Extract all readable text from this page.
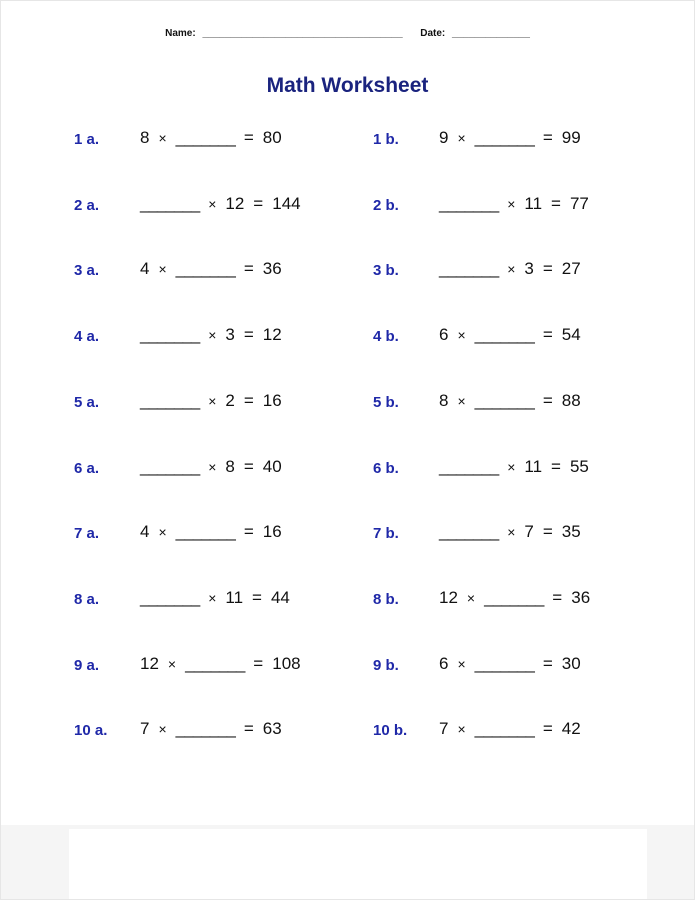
Name: ____________________________________ Date: ______________
Math Worksheet
1 a. 8 × _______ = 80	1 b. 9 × _______ = 99
2 a. _______ × 12 = 144	2 b. _______ × 11 = 77
3 a. 4 × _______ = 36	3 b. _______ × 3 = 27
4 a. _______ × 3 = 12	4 b. 6 × _______ = 54
5 a. _______ × 2 = 16	5 b. 8 × _______ = 88
6 a. _______ × 8 = 40	6 b. _______ × 11 = 55
7 a. 4 × _______ = 16	7 b. _______ × 7 = 35
8 a. _______ × 11 = 44	8 b. 12 × _______ = 36
9 a. 12 × _______ = 108	9 b. 6 × _______ = 30
10 a. 7 × _______ = 63	10 b. 7 × _______ = 42
